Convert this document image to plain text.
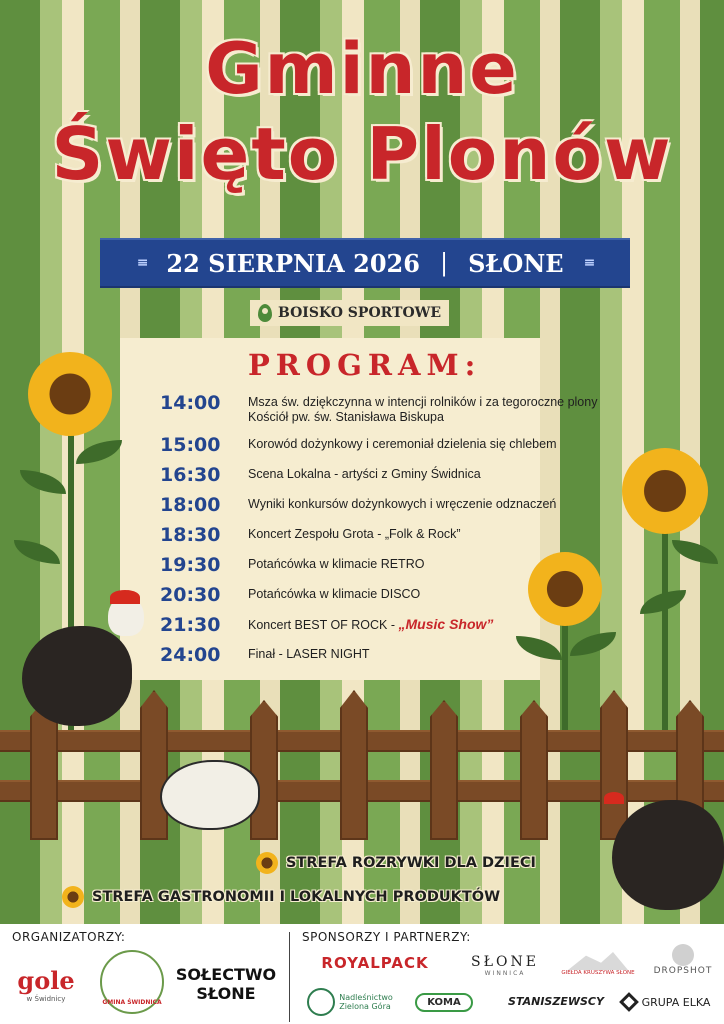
Gminne
Święto Plonów
≡ 22 SIERPNIA 2026 | SŁONE ≡
BOISKO SPORTOWE
PROGRAM:
14:00	Msza św. dziękczynna w intencji rolników i za tegoroczne plony
Kościół pw. św. Stanisława Biskupa
15:00	Korowód dożynkowy i ceremoniał dzielenia się chlebem
16:30	Scena Lokalna - artyści z Gminy Świdnica
18:00	Wyniki konkursów dożynkowych i wręczenie odznaczeń
18:30	Koncert Zespołu Grota - „Folk & Rock”
19:30	Potańcówka w klimacie RETRO
20:30	Potańcówka w klimacie DISCO
21:30	Koncert BEST OF ROCK - „Music Show”
24:00	Finał - LASER NIGHT
STREFA ROZRYWKI DLA DZIECI
STREFA GASTRONOMII I LOKALNYCH PRODUKTÓW
ORGANIZATORZY:	SPONSORZY I PARTNERZY:
gole
w Świdnicy	GMINA ŚWIDNICA
SOŁECTWO
SŁONE
ROYALPACK	SŁONE
WINNICA	GIEŁDA KRUSZYWA SŁONE DROPSHOT
Nadleśnictwo
Zielona Góra	KOMA	STANISZEWSCY	GRUPA ELKA
